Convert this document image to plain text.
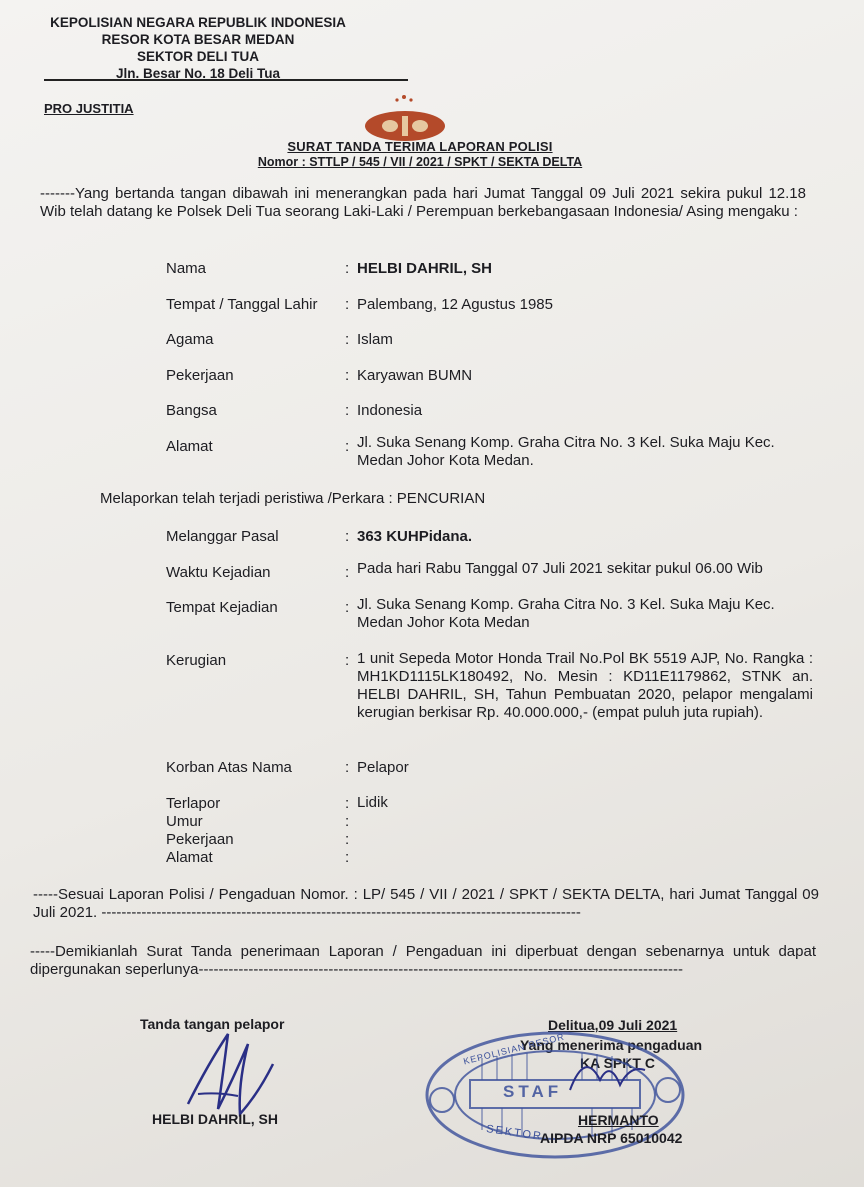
KEPOLISIAN NEGARA REPUBLIK INDONESIA
RESOR KOTA BESAR MEDAN
SEKTOR DELI TUA
Jln. Besar No. 18 Deli Tua
PRO JUSTITIA
SURAT TANDA TERIMA LAPORAN POLISI
Nomor : STTLP / 545 / VII / 2021 / SPKT / SEKTA DELTA
-------Yang bertanda tangan dibawah ini menerangkan pada hari Jumat Tanggal 09 Juli 2021 sekira pukul 12.18 Wib telah datang ke Polsek Deli Tua seorang Laki-Laki / Perempuan berkebangasaan Indonesia/ Asing mengaku :
Nama	: HELBI DAHRIL, SH
Tempat / Tanggal Lahir : Palembang, 12 Agustus 1985
Agama	: Islam
Pekerjaan	: Karyawan BUMN
Bangsa	: Indonesia
Alamat	: Jl. Suka Senang Komp. Graha Citra No. 3 Kel. Suka Maju Kec. Medan Johor Kota Medan.
Melaporkan telah terjadi peristiwa /Perkara : PENCURIAN
Melanggar Pasal	: 363 KUHPidana.
Waktu Kejadian	: Pada hari Rabu Tanggal 07 Juli 2021 sekitar pukul 06.00 Wib
Tempat Kejadian	: Jl. Suka Senang Komp. Graha Citra No. 3 Kel. Suka Maju Kec. Medan Johor Kota Medan
Kerugian	: 1 unit Sepeda Motor Honda Trail No.Pol BK 5519 AJP, No. Rangka : MH1KD1115LK180492, No. Mesin : KD11E1179862, STNK an. HELBI DAHRIL, SH, Tahun Pembuatan 2020, pelapor mengalami kerugian berkisar Rp. 40.000.000,- (empat puluh juta rupiah).
Korban Atas Nama	: Pelapor
Terlapor	: Lidik
Umur	:
Pekerjaan	:
Alamat	:
-----Sesuai Laporan Polisi / Pengaduan Nomor. : LP/ 545 / VII / 2021 / SPKT / SEKTA DELTA, hari Jumat Tanggal 09 Juli 2021. ------------------------------------------------------------------------------------------------
-----Demikianlah Surat Tanda penerimaan Laporan / Pengaduan ini diperbuat dengan sebenarnya untuk dapat dipergunakan seperlunya-------------------------------------------------------------------------------------------------
Tanda tangan pelapor
HELBI DAHRIL, SH
Delitua,09 Juli 2021
Yang menerima pengaduan
KA SPKT C
KEPOLISIAN RESOR
STAF
SEKTOR
HERMANTO
AIPDA NRP 65010042
